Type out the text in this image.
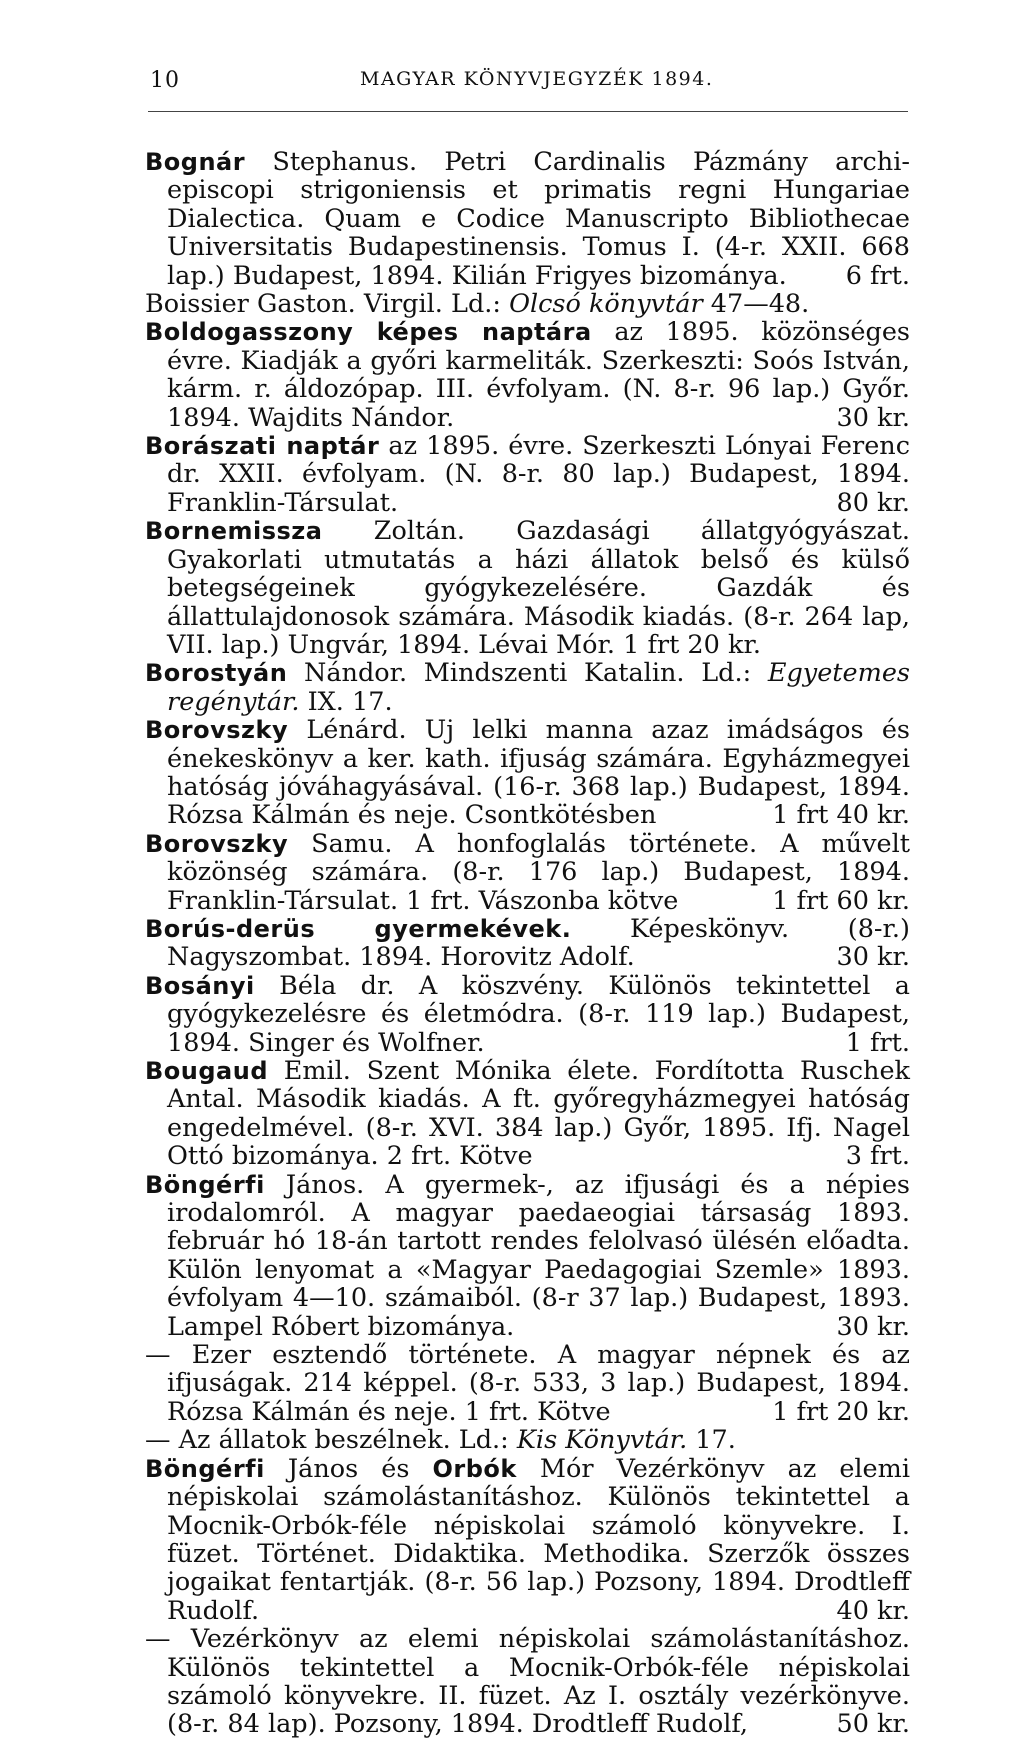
10	MAGYAR KÖNYVJEGYZÉK 1894.

Bognár Stephanus. Petri Cardinalis Pázmány archi-episcopi strigoniensis et primatis regni Hungariae Dialectica. Quam e Codice Manuscripto Bibliothecae Universitatis Budapestinensis. Tomus I. (4-r. XXII. 668 lap.) Budapest, 1894. Kilián Frigyes bizománya. 6 frt.

Boissier Gaston. Virgil. Ld.: Olcsó könyvtár 47—48.

Boldogasszony képes naptára az 1895. közönséges évre. Kiadják a győri karmeliták. Szerkeszti: Soós István, kárm. r. áldozópap. III. évfolyam. (N. 8-r. 96 lap.) Győr. 1894. Wajdits Nándor.	30 kr.

Borászati naptár az 1895. évre. Szerkeszti Lónyai Ferenc dr. XXII. évfolyam. (N. 8-r. 80 lap.) Budapest, 1894. Franklin-Társulat.	80 kr.

Bornemissza Zoltán. Gazdasági állatgyógyászat. Gyakorlati utmutatás a házi állatok belső és külső betegségeinek gyógykezelésére. Gazdák és állattulajdonosok számára. Második kiadás. (8-r. 264 lap, VII. lap.) Ungvár, 1894. Lévai Mór. 1 frt 20 kr.

Borostyán Nándor. Mindszenti Katalin. Ld.: Egyetemes regénytár. IX. 17.

Borovszky Lénárd. Uj lelki manna azaz imádságos és énekeskönyv a ker. kath. ifjuság számára. Egyházmegyei hatóság jóváhagyásával. (16-r. 368 lap.) Budapest, 1894. Rózsa Kálmán és neje. Csontkötésben	1 frt 40 kr.

Borovszky Samu. A honfoglalás története. A művelt közönség számára. (8-r. 176 lap.) Budapest, 1894. Franklin-Társulat. 1 frt. Vászonba kötve	1 frt 60 kr.

Borús-derüs gyermekévek. Képeskönyv. (8-r.) Nagyszombat. 1894. Horovitz Adolf.	30 kr.

Bosányi Béla dr. A köszvény. Különös tekintettel a gyógykezelésre és életmódra. (8-r. 119 lap.) Budapest, 1894. Singer és Wolfner.	1 frt.

Bougaud Emil. Szent Mónika élete. Fordította Ruschek Antal. Második kiadás. A ft. győregyházmegyei hatóság engedelmével. (8-r. XVI. 384 lap.) Győr, 1895. Ifj. Nagel Ottó bizománya. 2 frt. Kötve	3 frt.

Böngérfi János. A gyermek-, az ifjusági és a népies irodalomról. A magyar paedaeogiai társaság 1893. február hó 18-án tartott rendes felolvasó ülésén előadta. Külön lenyomat a «Magyar Paedagogiai Szemle» 1893. évfolyam 4—10. számaiból. (8-r 37 lap.) Budapest, 1893. Lampel Róbert bizománya.	30 kr.

— Ezer esztendő története. A magyar népnek és az ifjuságak. 214 képpel. (8-r. 533, 3 lap.) Budapest, 1894. Rózsa Kálmán és neje. 1 frt. Kötve	1 frt 20 kr.

— Az állatok beszélnek. Ld.: Kis Könyvtár. 17.

Böngérfi János és Orbók Mór Vezérkönyv az elemi népiskolai számolástanításhoz. Különös tekintettel a Mocnik-Orbók-féle népiskolai számoló könyvekre. I. füzet. Történet. Didaktika. Methodika. Szerzők összes jogaikat fentartják. (8-r. 56 lap.) Pozsony, 1894. Drodtleff Rudolf.	40 kr.

— Vezérkönyv az elemi népiskolai számolástanításhoz. Különös tekintettel a Mocnik-Orbók-féle népiskolai számoló könyvekre. II. füzet. Az I. osztály vezérkönyve. (8-r. 84 lap). Pozsony, 1894. Drodtleff Rudolf,	50 kr.
